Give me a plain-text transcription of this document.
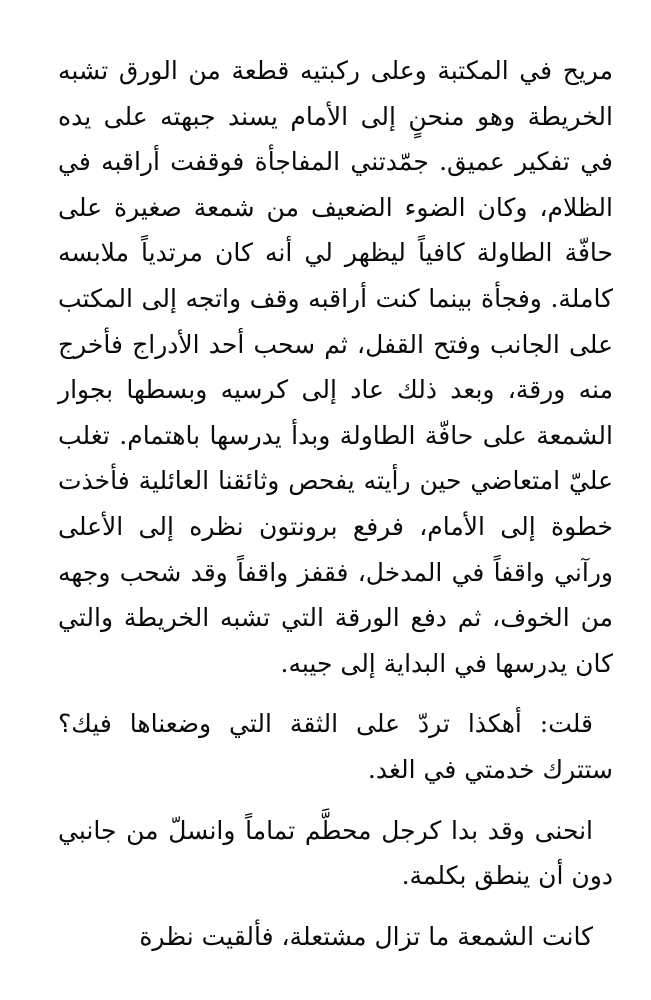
مريح في المكتبة وعلى ركبتيه قطعة من الورق تشبه الخريطة وهو منحنٍ إلى الأمام يسند جبهته على يده في تفكير عميق. جمّدتني المفاجأة فوقفت أراقبه في الظلام، وكان الضوء الضعيف من شمعة صغيرة على حافّة الطاولة كافياً ليظهر لي أنه كان مرتدياً ملابسه كاملة. وفجأة بينما كنت أراقبه وقف واتجه إلى المكتب على الجانب وفتح القفل، ثم سحب أحد الأدراج فأخرج منه ورقة، وبعد ذلك عاد إلى كرسيه وبسطها بجوار الشمعة على حافّة الطاولة وبدأ يدرسها باهتمام. تغلب عليّ امتعاضي حين رأيته يفحص وثائقنا العائلية فأخذت خطوة إلى الأمام، فرفع برونتون نظره إلى الأعلى ورآني واقفاً في المدخل، فقفز واقفاً وقد شحب وجهه من الخوف، ثم دفع الورقة التي تشبه الخريطة والتي كان يدرسها في البداية إلى جيبه.

قلت: أهكذا تردّ على الثقة التي وضعناها فيك؟ ستترك خدمتي في الغد.

انحنى وقد بدا كرجل محطَّم تماماً وانسلّ من جانبي دون أن ينطق بكلمة.

كانت الشمعة ما تزال مشتعلة، فألقيت نظرة
